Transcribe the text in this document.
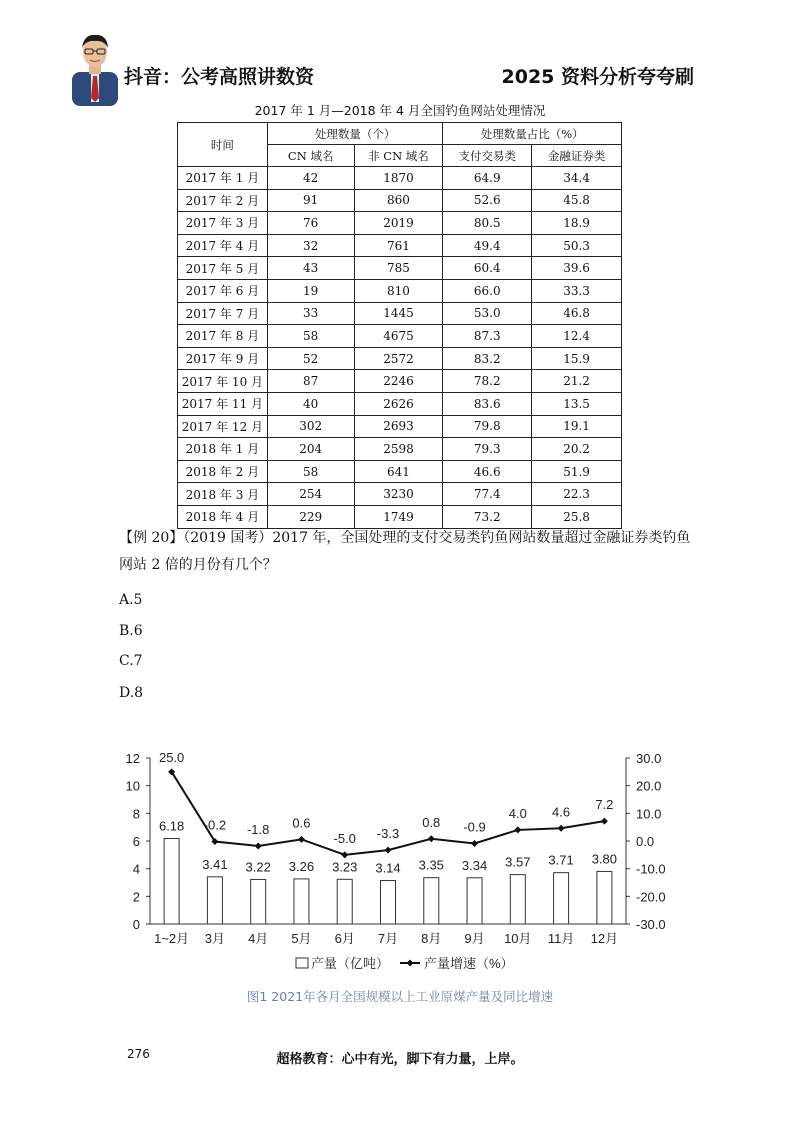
抖音：公考高照讲数资	2025 资料分析夸夸刷
2017 年 1 月—2018 年 4 月全国钓鱼网站处理情况
时间	处理数量（个）		处理数量占比（%）	
	CN 域名	非 CN 域名	支付交易类	金融证券类
2017 年 1 月	42	1870	64.9	34.4
2017 年 2 月	91	860	52.6	45.8
2017 年 3 月	76	2019	80.5	18.9
2017 年 4 月	32	761	49.4	50.3
2017 年 5 月	43	785	60.4	39.6
2017 年 6 月	19	810	66.0	33.3
2017 年 7 月	33	1445	53.0	46.8
2017 年 8 月	58	4675	87.3	12.4
2017 年 9 月	52	2572	83.2	15.9
2017 年 10 月	87	2246	78.2	21.2
2017 年 11 月	40	2626	83.6	13.5
2017 年 12 月	302	2693	79.8	19.1
2018 年 1 月	204	2598	79.3	20.2
2018 年 2 月	58	641	46.6	51.9
2018 年 3 月	254	3230	77.4	22.3
2018 年 4 月	229	1749	73.2	25.8
【例 20】（2019 国考）2017 年，全国处理的支付交易类钓鱼网站数量超过金融证券类钓鱼网站 2 倍的月份有几个？
A.5
B.6
C.7
D.8
0
2
4
6
8
10
12
-30.0
-20.0
-10.0
0.0
10.0
20.0
30.0
6.18
3.41 3.22 3.26 3.23 3.14 3.35 3.34 3.57 3.71 3.80
25.0
-0.2 -1.8 0.6
-5.0 -3.3
0.8 -0.9
4.0 4.6 7.2
1~2月 3月 4月 5月 6月 7月 8月 9月 10月 11月 12月
产量（亿吨）	产量增速（%）
图1 2021年各月全国规模以上工业原煤产量及同比增速
276	超格教育：心中有光，脚下有力量，上岸。
